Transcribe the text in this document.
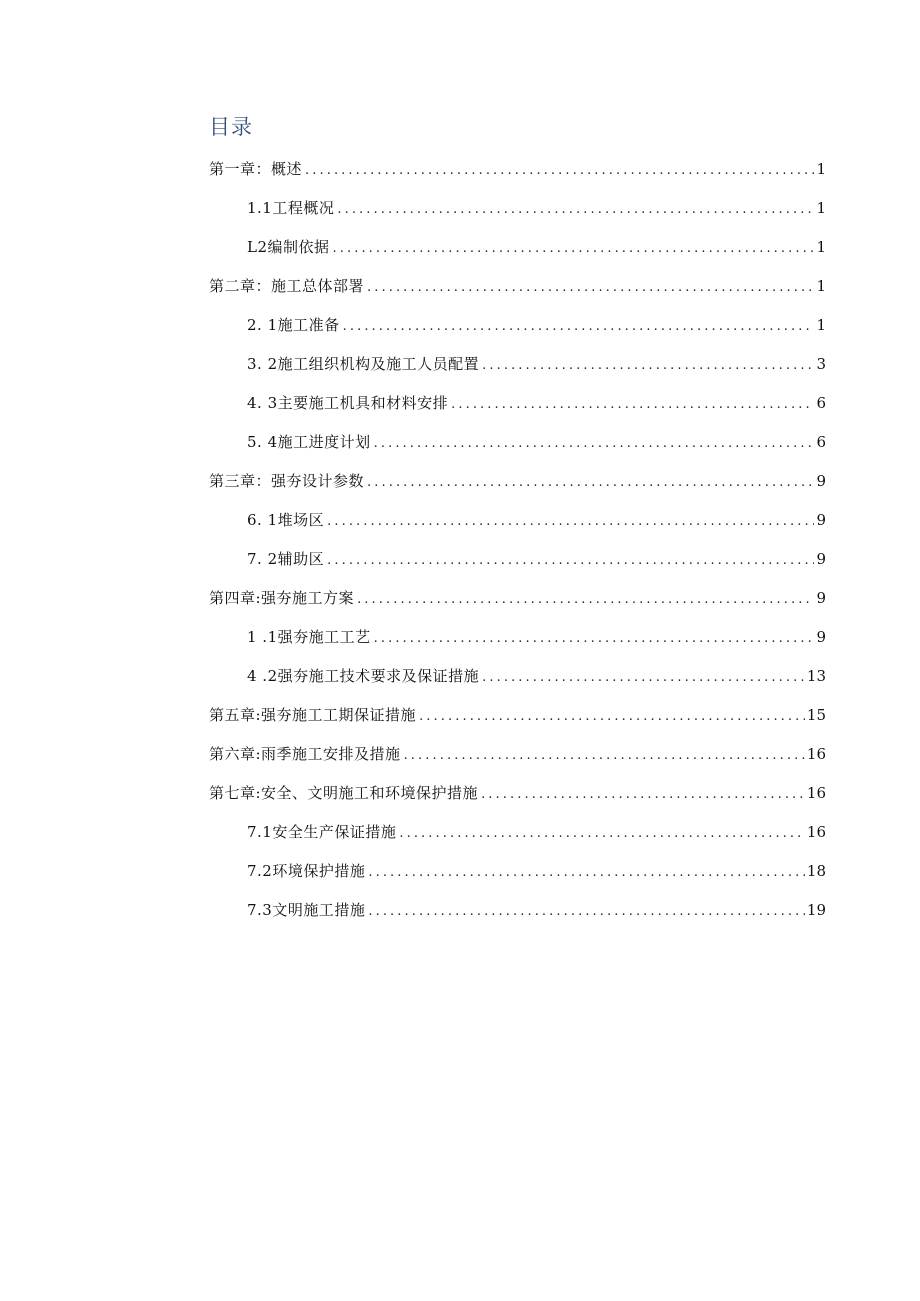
目录
第一章：概述 .....	1
1.1工程概况 .....	1
L2编制依据 .....	1
第二章：施工总体部署 .....	1
2. 1施工准备 .....	1
3. 2施工组织机构及施工人员配置 .....	3
4. 3主要施工机具和材料安排 .....	6
5. 4施工进度计划 .....	6
第三章：强夯设计参数 .....	9
6. 1堆场区 .....	9
7. 2辅助区 .....	9
第四章:强夯施工方案 .....	9
1 .1强夯施工工艺 .....	9
4 .2强夯施工技术要求及保证措施 .....	13
第五章:强夯施工工期保证措施 .....	15
第六章:雨季施工安排及措施 .....	16
第七章:安全、文明施工和环境保护措施 .....	16
7.1安全生产保证措施 .....	16
7.2环境保护措施 .....	18
7.3文明施工措施 .....	19
